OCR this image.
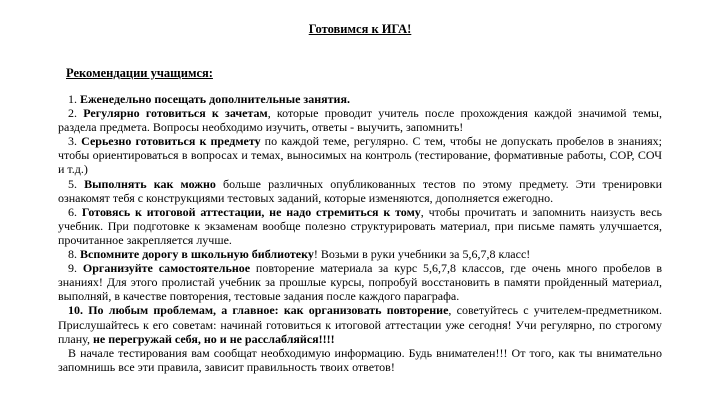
Готовимся к ИГА!
Рекомендации учащимся:

1. Еженедельно посещать дополнительные занятия.

2. Регулярно готовиться к зачетам, которые проводит учитель после прохождения каждой значимой темы, раздела предмета. Вопросы необходимо изучить, ответы - выучить, запомнить!

3. Серьезно готовиться к предмету по каждой теме, регулярно. С тем, чтобы не допускать пробелов в знаниях; чтобы ориентироваться в вопросах и темах, выносимых на контроль (тестирование, формативные работы, СОР, СОЧ и т.д.)

5. Выполнять как можно больше различных опубликованных тестов по этому предмету. Эти тренировки ознакомят тебя с конструкциями тестовых заданий, которые изменяются, дополняется ежегодно.

6. Готовясь к итоговой аттестации, не надо стремиться к тому, чтобы прочитать и запомнить наизусть весь учебник. При подготовке к экзаменам вообще полезно структурировать материал, при письме память улучшается, прочитанное закрепляется лучше.

8. Вспомните дорогу в школьную библиотеку! Возьми в руки учебники за 5,6,7,8 класс!

9. Организуйте самостоятельное повторение материала за курс 5,6,7,8 классов, где очень много пробелов в знаниях! Для этого пролистай учебник за прошлые курсы, попробуй восстановить в памяти пройденный материал, выполняй, в качестве повторения, тестовые задания после каждого параграфа.

10. По любым проблемам, а главное: как организовать повторение, советуйтесь с учителем-предметником. Прислушайтесь к его советам: начинай готовиться к итоговой аттестации уже сегодня! Учи регулярно, по строгому плану, не перегружай себя, но и не расслабляйся!!!!

В начале тестирования вам сообщат необходимую информацию. Будь внимателен!!! От того, как ты внимательно запомнишь все эти правила, зависит правильность твоих ответов!
